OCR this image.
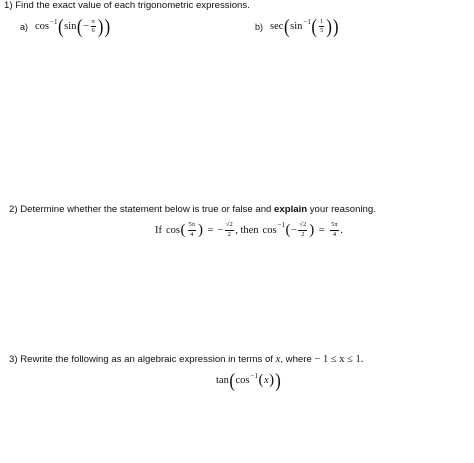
1) Find the exact value of each trigonometric expressions.
a) cos −1 ( sin ( − $\frac{\pi}{6}$ ) )	b) sec ( sin −1 ( $\frac{1}{5}$ ) )
2) Determine whether the statement below is true or false and explain your reasoning.
If cos ( $\frac{5\pi}{4}$ ) = − $\frac{√2}{2}$ , then cos −1 ( − $\frac{√2}{2}$ ) = $\frac{5\pi}{4}$ .
3) Rewrite the following as an algebraic expression in terms of
x , where
− 1 ≤ x ≤ 1.
tan ( cos −1 ( x ) )
